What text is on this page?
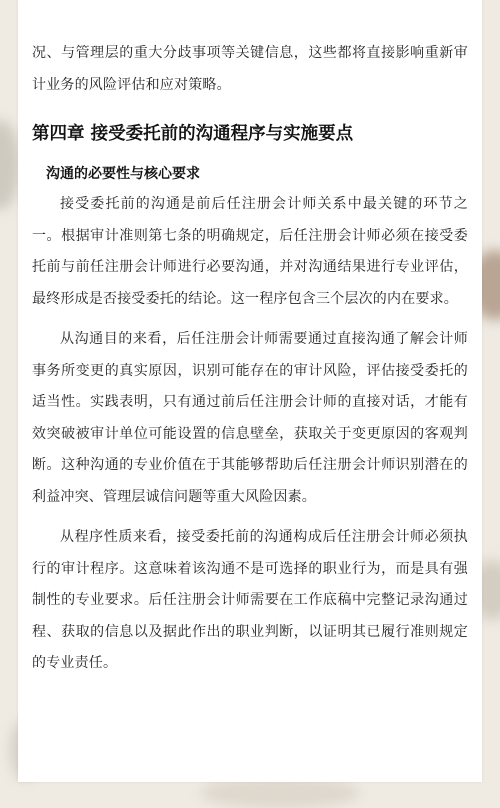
况、与管理层的重大分歧事项等关键信息，这些都将直接影响重新审计业务的风险评估和应对策略。

第四章 接受委托前的沟通程序与实施要点
沟通的必要性与核心要求

接受委托前的沟通是前后任注册会计师关系中最关键的环节之一。根据审计准则第七条的明确规定，后任注册会计师必须在接受委托前与前任注册会计师进行必要沟通，并对沟通结果进行专业评估，最终形成是否接受委托的结论。这一程序包含三个层次的内在要求。

从沟通目的来看，后任注册会计师需要通过直接沟通了解会计师事务所变更的真实原因，识别可能存在的审计风险，评估接受委托的适当性。实践表明，只有通过前后任注册会计师的直接对话，才能有效突破被审计单位可能设置的信息壁垒，获取关于变更原因的客观判断。这种沟通的专业价值在于其能够帮助后任注册会计师识别潜在的利益冲突、管理层诚信问题等重大风险因素。

从程序性质来看，接受委托前的沟通构成后任注册会计师必须执行的审计程序。这意味着该沟通不是可选择的职业行为，而是具有强制性的专业要求。后任注册会计师需要在工作底稿中完整记录沟通过程、获取的信息以及据此作出的职业判断，以证明其已履行准则规定的专业责任。
